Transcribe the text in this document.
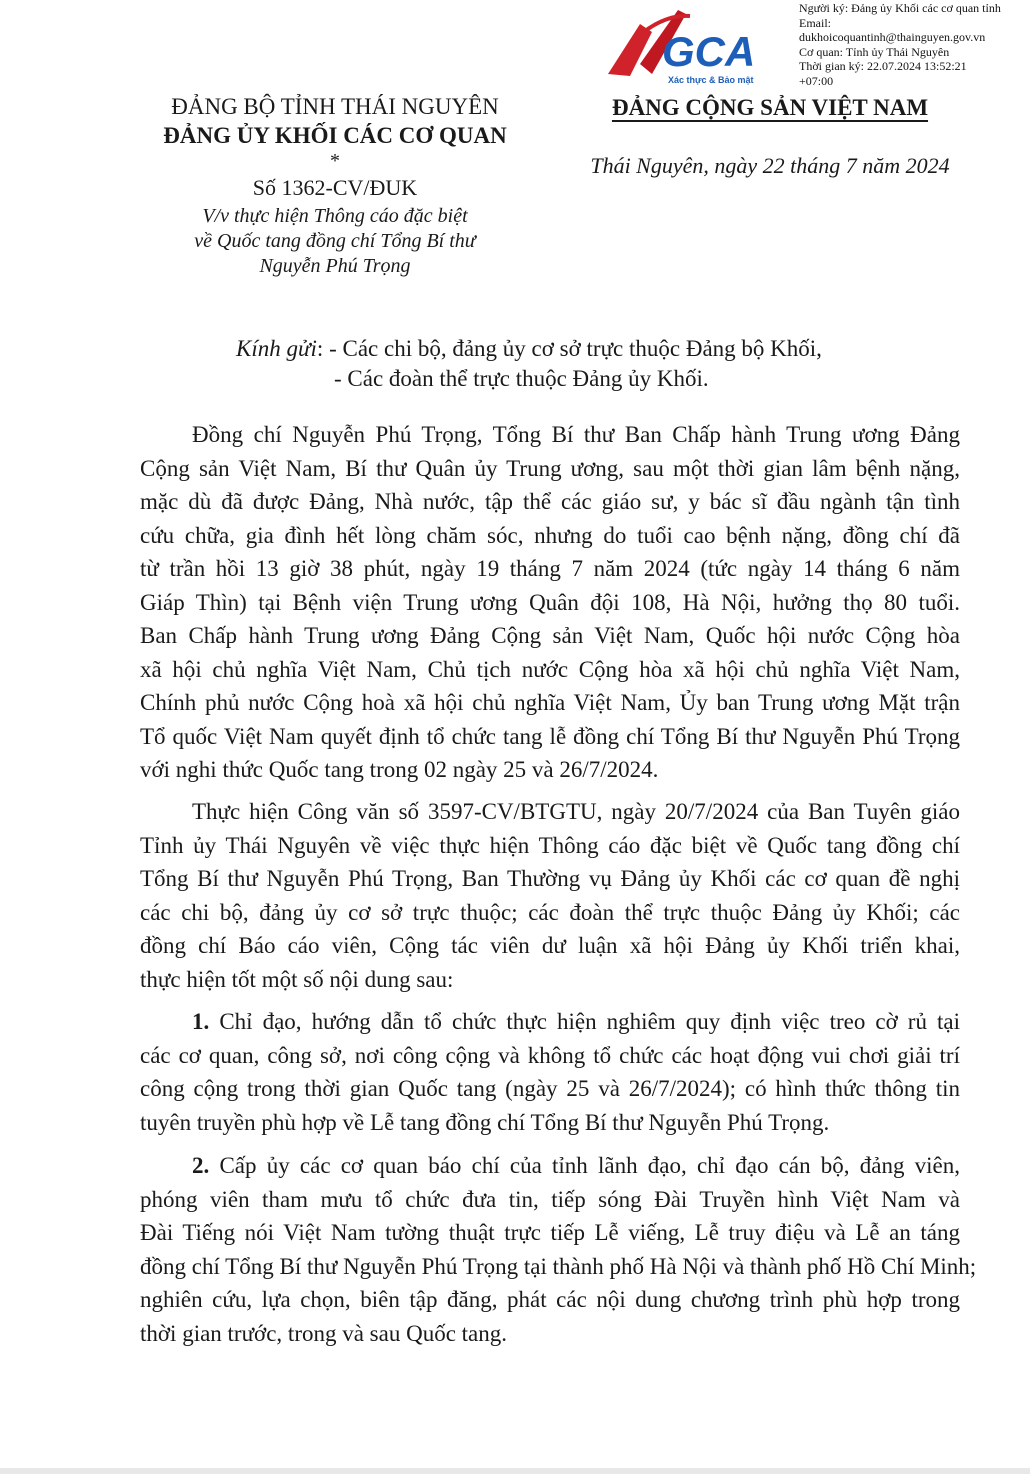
GCA
Xác thực & Bảo mật
Người ký: Đảng ủy Khối các cơ quan tỉnh
Email:
dukhoicoquantinh@thainguyen.gov.vn
Cơ quan: Tỉnh ủy Thái Nguyên
Thời gian ký: 22.07.2024 13:52:21
+07:00
ĐẢNG BỘ TỈNH THÁI NGUYÊN
ĐẢNG ỦY KHỐI CÁC CƠ QUAN
*
Số 1362-CV/ĐUK
V/v thực hiện Thông cáo đặc biệt
về Quốc tang đồng chí Tổng Bí thư
Nguyễn Phú Trọng
ĐẢNG CỘNG SẢN VIỆT NAM
Thái Nguyên, ngày 22 tháng 7 năm 2024
Kính gửi: - Các chi bộ, đảng ủy cơ sở trực thuộc Đảng bộ Khối,
- Các đoàn thể trực thuộc Đảng ủy Khối.
Đồng chí Nguyễn Phú Trọng, Tổng Bí thư Ban Chấp hành Trung ương Đảng
Cộng sản Việt Nam, Bí thư Quân ủy Trung ương, sau một thời gian lâm bệnh nặng,
mặc dù đã được Đảng, Nhà nước, tập thể các giáo sư, y bác sĩ đầu ngành tận tình
cứu chữa, gia đình hết lòng chăm sóc, nhưng do tuổi cao bệnh nặng, đồng chí đã
từ trần hồi 13 giờ 38 phút, ngày 19 tháng 7 năm 2024 (tức ngày 14 tháng 6 năm
Giáp Thìn) tại Bệnh viện Trung ương Quân đội 108, Hà Nội, hưởng thọ 80 tuổi.
Ban Chấp hành Trung ương Đảng Cộng sản Việt Nam, Quốc hội nước Cộng hòa
xã hội chủ nghĩa Việt Nam, Chủ tịch nước Cộng hòa xã hội chủ nghĩa Việt Nam,
Chính phủ nước Cộng hoà xã hội chủ nghĩa Việt Nam, Ủy ban Trung ương Mặt trận
Tổ quốc Việt Nam quyết định tổ chức tang lễ đồng chí Tổng Bí thư Nguyễn Phú Trọng
với nghi thức Quốc tang trong 02 ngày 25 và 26/7/2024.
Thực hiện Công văn số 3597-CV/BTGTU, ngày 20/7/2024 của Ban Tuyên giáo
Tỉnh ủy Thái Nguyên về việc thực hiện Thông cáo đặc biệt về Quốc tang đồng chí
Tổng Bí thư Nguyễn Phú Trọng, Ban Thường vụ Đảng ủy Khối các cơ quan đề nghị
các chi bộ, đảng ủy cơ sở trực thuộc; các đoàn thể trực thuộc Đảng ủy Khối; các
đồng chí Báo cáo viên, Cộng tác viên dư luận xã hội Đảng ủy Khối triển khai,
thực hiện tốt một số nội dung sau:
1. Chỉ đạo, hướng dẫn tổ chức thực hiện nghiêm quy định việc treo cờ rủ tại
các cơ quan, công sở, nơi công cộng và không tổ chức các hoạt động vui chơi giải trí
công cộng trong thời gian Quốc tang (ngày 25 và 26/7/2024); có hình thức thông tin
tuyên truyền phù hợp về Lễ tang đồng chí Tổng Bí thư Nguyễn Phú Trọng.
2. Cấp ủy các cơ quan báo chí của tỉnh lãnh đạo, chỉ đạo cán bộ, đảng viên,
phóng viên tham mưu tổ chức đưa tin, tiếp sóng Đài Truyền hình Việt Nam và
Đài Tiếng nói Việt Nam tường thuật trực tiếp Lễ viếng, Lễ truy điệu và Lễ an táng
đồng chí Tổng Bí thư Nguyễn Phú Trọng tại thành phố Hà Nội và thành phố Hồ Chí Minh;
nghiên cứu, lựa chọn, biên tập đăng, phát các nội dung chương trình phù hợp trong
thời gian trước, trong và sau Quốc tang.
